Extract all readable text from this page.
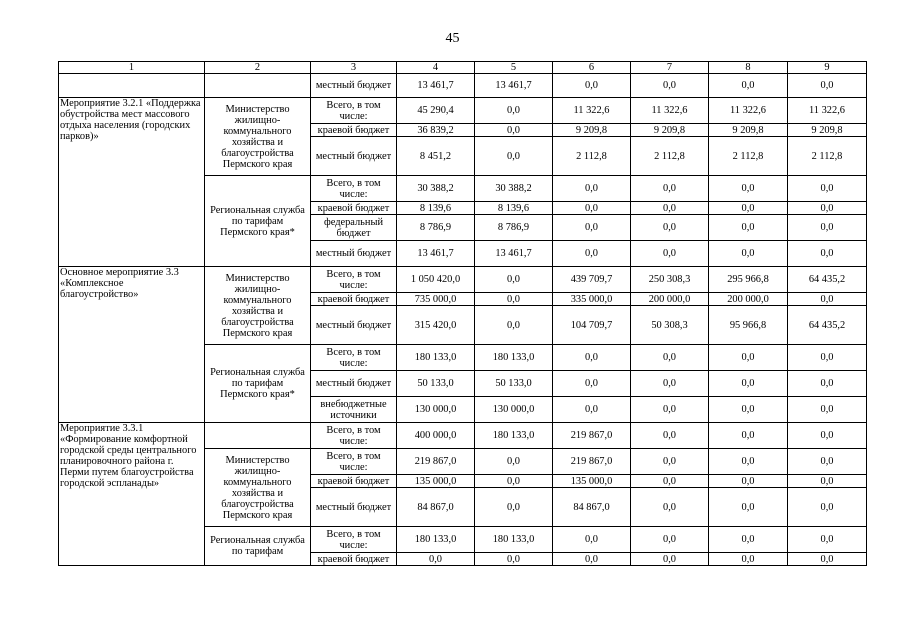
45
1	2	3	4	5	6	7	8	9
		местный бюджет	13 461,7	13 461,7	0,0	0,0	0,0	0,0
Мероприятие 3.2.1 «Поддержка обустройства мест массового отдыха населения (городских парков)»	Министерство жилищно-коммунального хозяйства и благоустройства Пермского края	Всего, в том числе:	45 290,4	0,0	11 322,6	11 322,6	11 322,6	11 322,6
		краевой бюджет	36 839,2	0,0	9 209,8	9 209,8	9 209,8	9 209,8
		местный бюджет	8 451,2	0,0	2 112,8	2 112,8	2 112,8	2 112,8
	Региональная служба по тарифам Пермского края*	Всего, в том числе:	30 388,2	30 388,2	0,0	0,0	0,0	0,0
		краевой бюджет	8 139,6	8 139,6	0,0	0,0	0,0	0,0
		федеральный бюджет	8 786,9	8 786,9	0,0	0,0	0,0	0,0
		местный бюджет	13 461,7	13 461,7	0,0	0,0	0,0	0,0
Основное мероприятие 3.3 «Комплексное благоустройство»	Министерство жилищно-коммунального хозяйства и благоустройства Пермского края	Всего, в том числе:	1 050 420,0	0,0	439 709,7	250 308,3	295 966,8	64 435,2
		краевой бюджет	735 000,0	0,0	335 000,0	200 000,0	200 000,0	0,0
		местный бюджет	315 420,0	0,0	104 709,7	50 308,3	95 966,8	64 435,2
	Региональная служба по тарифам Пермского края*	Всего, в том числе:	180 133,0	180 133,0	0,0	0,0	0,0	0,0
		местный бюджет	50 133,0	50 133,0	0,0	0,0	0,0	0,0
		внебюджетные источники	130 000,0	130 000,0	0,0	0,0	0,0	0,0
Мероприятие 3.3.1 «Формирование комфортной городской среды центрального планировочного района г. Перми путем благоустройства городской эспланады»		Всего, в том числе:	400 000,0	180 133,0	219 867,0	0,0	0,0	0,0
	Министерство жилищно-коммунального хозяйства и благоустройства Пермского края	Всего, в том числе:	219 867,0	0,0	219 867,0	0,0	0,0	0,0
		краевой бюджет	135 000,0	0,0	135 000,0	0,0	0,0	0,0
		местный бюджет	84 867,0	0,0	84 867,0	0,0	0,0	0,0
	Региональная служба по тарифам	Всего, в том числе:	180 133,0	180 133,0	0,0	0,0	0,0	0,0
		краевой бюджет	0,0	0,0	0,0	0,0	0,0	0,0
